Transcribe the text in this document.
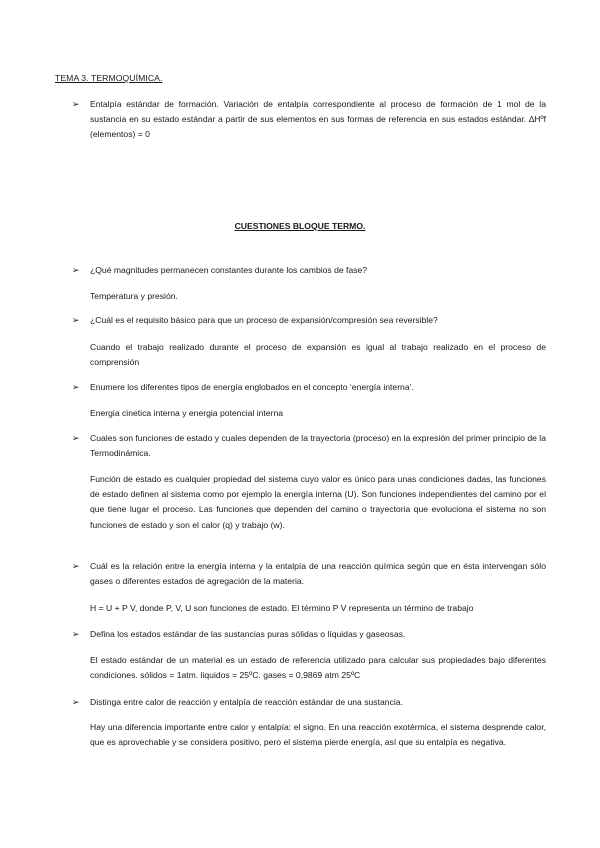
TEMA 3. TERMOQUÍMICA.
➢ Entalpía estándar de formación. Variación de entalpía correspondiente al proceso de formación de 1 mol de la sustancia en su estado estándar a partir de sus elementos en sus formas de referencia en sus estados estándar. ∆Hºf (elementos) = 0
CUESTIONES BLOQUE TERMO.
➢ ¿Qué magnitudes permanecen constantes durante los cambios de fase?
Temperatura y presión.
➢ ¿Cuál es el requisito básico para que un proceso de expansión/compresión sea reversible?
Cuando el trabajo realizado durante el proceso de expansión es igual al trabajo realizado en el proceso de comprensión
➢ Enumere los diferentes tipos de energía englobados en el concepto ‘energía interna’.
Energia cinetica interna y energia potencial interna
➢ Cuales son funciones de estado y cuales dependen de la trayectoria (proceso) en la expresión del primer principio de la Termodinámica.
Función de estado es cualquier propiedad del sistema cuyo valor es único para unas condiciones dadas, las funciones de estado definen al sistema como por ejemplo la energía interna (U). Son funciones independientes del camino por el que tiene lugar el proceso. Las funciones que dependen del camino o trayectoria que evoluciona el sistema no son funciones de estado y son el calor (q) y trabajo (w).
➢ Cuál es la relación entre la energía interna y la entalpía de una reacción química según que en ésta intervengan sólo gases o diferentes estados de agregación de la materia.
H = U + P V, donde P, V, U son funciones de estado. El término P V representa un término de trabajo
➢ Defina los estados estándar de las sustancias puras sólidas o líquidas y gaseosas.
El estado estándar de un material es un estado de referencia utilizado para calcular sus propiedades bajo diferentes condiciones. sólidos = 1atm. liquidos = 25ºC. gases = 0,9869 atm 25ºC
➢ Distinga entre calor de reacción y entalpía de reacción estándar de una sustancia.
Hay una diferencia importante entre calor y entalpía: el signo. En una reacción exotérmica, el sistema desprende calor, que es aprovechable y se considera positivo, pero el sistema pierde energía, así que su entalpía es negativa.
